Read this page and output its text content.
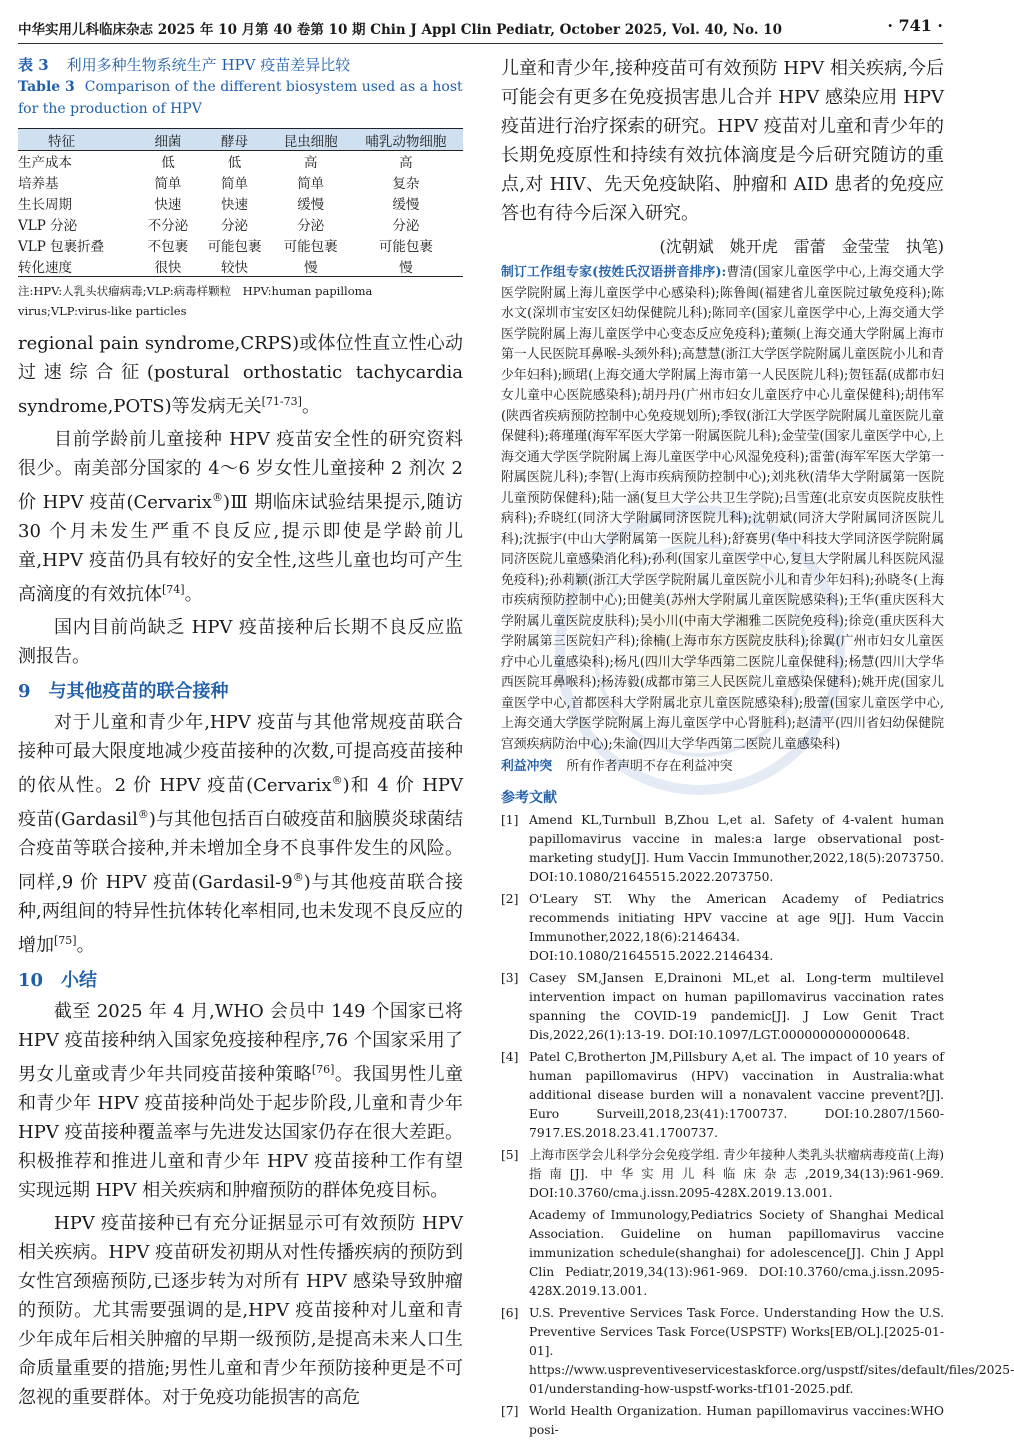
中华实用儿科临床杂志 2025 年 10 月第 40 卷第 10 期 Chin J Appl Clin Pediatr, October 2025, Vol. 40, No. 10	· 741 ·
表 3 利用多种生物系统生产 HPV 疫苗差异比较
Table 3 Comparison of the different biosystem used as a host for the production of HPV
特征	细菌	酵母	昆虫细胞	哺乳动物细胞
生产成本	低	低	高	高
培养基	简单	简单	简单	复杂
生长周期	快速	快速	缓慢	缓慢
VLP 分泌	不分泌	分泌	分泌	分泌
VLP 包裹折叠	不包裹	可能包裹	可能包裹	可能包裹
转化速度	很快	较快	慢	慢
注:HPV:人乳头状瘤病毒;VLP:病毒样颗粒　HPV:human papilloma virus;VLP:virus-like particles

regional pain syndrome,CRPS)或体位性直立性心动过速综合征(postural orthostatic tachycardia syndrome,POTS)等发病无关[71-73]。

目前学龄前儿童接种 HPV 疫苗安全性的研究资料很少。南美部分国家的 4～6 岁女性儿童接种 2 剂次 2 价 HPV 疫苗(Cervarix®)Ⅲ 期临床试验结果提示,随访 30 个月未发生严重不良反应,提示即使是学龄前儿童,HPV 疫苗仍具有较好的安全性,这些儿童也均可产生高滴度的有效抗体[74]。

国内目前尚缺乏 HPV 疫苗接种后长期不良反应监测报告。

9　与其他疫苗的联合接种

对于儿童和青少年,HPV 疫苗与其他常规疫苗联合接种可最大限度地减少疫苗接种的次数,可提高疫苗接种的依从性。2 价 HPV 疫苗(Cervarix®)和 4 价 HPV 疫苗(Gardasil®)与其他包括百白破疫苗和脑膜炎球菌结合疫苗等联合接种,并未增加全身不良事件发生的风险。同样,9 价 HPV 疫苗(Gardasil-9®)与其他疫苗联合接种,两组间的特异性抗体转化率相同,也未发现不良反应的增加[75]。

10　小结

截至 2025 年 4 月,WHO 会员中 149 个国家已将 HPV 疫苗接种纳入国家免疫接种程序,76 个国家采用了男女儿童或青少年共同疫苗接种策略[76]。我国男性儿童和青少年 HPV 疫苗接种尚处于起步阶段,儿童和青少年 HPV 疫苗接种覆盖率与先进发达国家仍存在很大差距。积极推荐和推进儿童和青少年 HPV 疫苗接种工作有望实现远期 HPV 相关疾病和肿瘤预防的群体免疫目标。

HPV 疫苗接种已有充分证据显示可有效预防 HPV 相关疾病。HPV 疫苗研发初期从对性传播疾病的预防到女性宫颈癌预防,已逐步转为对所有 HPV 感染导致肿瘤的预防。尤其需要强调的是,HPV 疫苗接种对儿童和青少年成年后相关肿瘤的早期一级预防,是提高未来人口生命质量重要的措施;男性儿童和青少年预防接种更是不可忽视的重要群体。对于免疫功能损害的高危

儿童和青少年,接种疫苗可有效预防 HPV 相关疾病,今后可能会有更多在免疫损害患儿合并 HPV 感染应用 HPV 疫苗进行治疗探索的研究。HPV 疫苗对儿童和青少年的长期免疫原性和持续有效抗体滴度是今后研究随访的重点,对 HIV、先天免疫缺陷、肿瘤和 AID 患者的免疫应答也有待今后深入研究。

(沈朝斌　姚开虎　雷蕾　金莹莹　执笔)

制订工作组专家(按姓氏汉语拼音排序):曹清(国家儿童医学中心,上海交通大学医学院附属上海儿童医学中心感染科);陈鲁闽(福建省儿童医院过敏免疫科);陈水文(深圳市宝安区妇幼保健院儿科);陈同辛(国家儿童医学中心,上海交通大学医学院附属上海儿童医学中心变态反应免疫科);董频(上海交通大学附属上海市第一人民医院耳鼻喉-头颈外科);高慧慧(浙江大学医学院附属儿童医院小儿和青少年妇科);顾珺(上海交通大学附属上海市第一人民医院儿科);贺钰磊(成都市妇女儿童中心医院感染科);胡丹丹(广州市妇女儿童医疗中心儿童保健科);胡伟军(陕西省疾病预防控制中心免疫规划所);季钗(浙江大学医学院附属儿童医院儿童保健科);蒋瑾瑾(海军军医大学第一附属医院儿科);金莹莹(国家儿童医学中心,上海交通大学医学院附属上海儿童医学中心风湿免疫科);雷蕾(海军军医大学第一附属医院儿科);李智(上海市疾病预防控制中心);刘兆秋(清华大学附属第一医院儿童预防保健科);陆一涵(复旦大学公共卫生学院);吕雪莲(北京安贞医院皮肤性病科);乔晓红(同济大学附属同济医院儿科);沈朝斌(同济大学附属同济医院儿科);沈振宇(中山大学附属第一医院儿科);舒赛男(华中科技大学同济医学院附属同济医院儿童感染消化科);孙利(国家儿童医学中心,复旦大学附属儿科医院风湿免疫科);孙莉颖(浙江大学医学院附属儿童医院小儿和青少年妇科);孙晓冬(上海市疾病预防控制中心);田健美(苏州大学附属儿童医院感染科);王华(重庆医科大学附属儿童医院皮肤科);吴小川(中南大学湘雅二医院免疫科);徐竞(重庆医科大学附属第三医院妇产科);徐楠(上海市东方医院皮肤科);徐翼(广州市妇女儿童医疗中心儿童感染科);杨凡(四川大学华西第二医院儿童保健科);杨慧(四川大学华西医院耳鼻喉科);杨涛毅(成都市第三人民医院儿童感染保健科);姚开虎(国家儿童医学中心,首都医科大学附属北京儿童医院感染科);殷蕾(国家儿童医学中心,上海交通大学医学院附属上海儿童医学中心肾脏科);赵清平(四川省妇幼保健院宫颈疾病防治中心);朱渝(四川大学华西第二医院儿童感染科)

利益冲突 所有作者声明不存在利益冲突

参考文献

[1] Amend KL,Turnbull B,Zhou L,et al. Safety of 4-valent human papillomavirus vaccine in males:a large observational post-marketing study[J]. Hum Vaccin Immunother,2022,18(5):2073750. DOI:10.1080/21645515.2022.2073750.

[2] O'Leary ST. Why the American Academy of Pediatrics recommends initiating HPV vaccine at age 9[J]. Hum Vaccin Immunother,2022,18(6):2146434. DOI:10.1080/21645515.2022.2146434.

[3] Casey SM,Jansen E,Drainoni ML,et al. Long-term multilevel intervention impact on human papillomavirus vaccination rates spanning the COVID-19 pandemic[J]. J Low Genit Tract Dis,2022,26(1):13-19. DOI:10.1097/LGT.0000000000000648.

[4] Patel C,Brotherton JM,Pillsbury A,et al. The impact of 10 years of human papillomavirus (HPV) vaccination in Australia:what additional disease burden will a nonavalent vaccine prevent?[J]. Euro Surveill,2018,23(41):1700737. DOI:10.2807/1560-7917.ES.2018.23.41.1700737.

[5] 上海市医学会儿科学分会免疫学组. 青少年接种人类乳头状瘤病毒疫苗(上海)指南[J]. 中华实用儿科临床杂志,2019,34(13):961-969. DOI:10.3760/cma.j.issn.2095-428X.2019.13.001.

Academy of Immunology,Pediatrics Society of Shanghai Medical Association. Guideline on human papillomavirus vaccine immunization schedule(shanghai) for adolescence[J]. Chin J Appl Clin Pediatr,2019,34(13):961-969. DOI:10.3760/cma.j.issn.2095-428X.2019.13.001.

[6] U.S. Preventive Services Task Force. Understanding How the U.S. Preventive Services Task Force(USPSTF) Works[EB/OL].[2025-01-01]. https://www.uspreventiveservicestaskforce.org/uspstf/sites/default/files/2025-01/understanding-how-uspstf-works-tf101-2025.pdf.

[7] World Health Organization. Human papillomavirus vaccines:WHO posi-
